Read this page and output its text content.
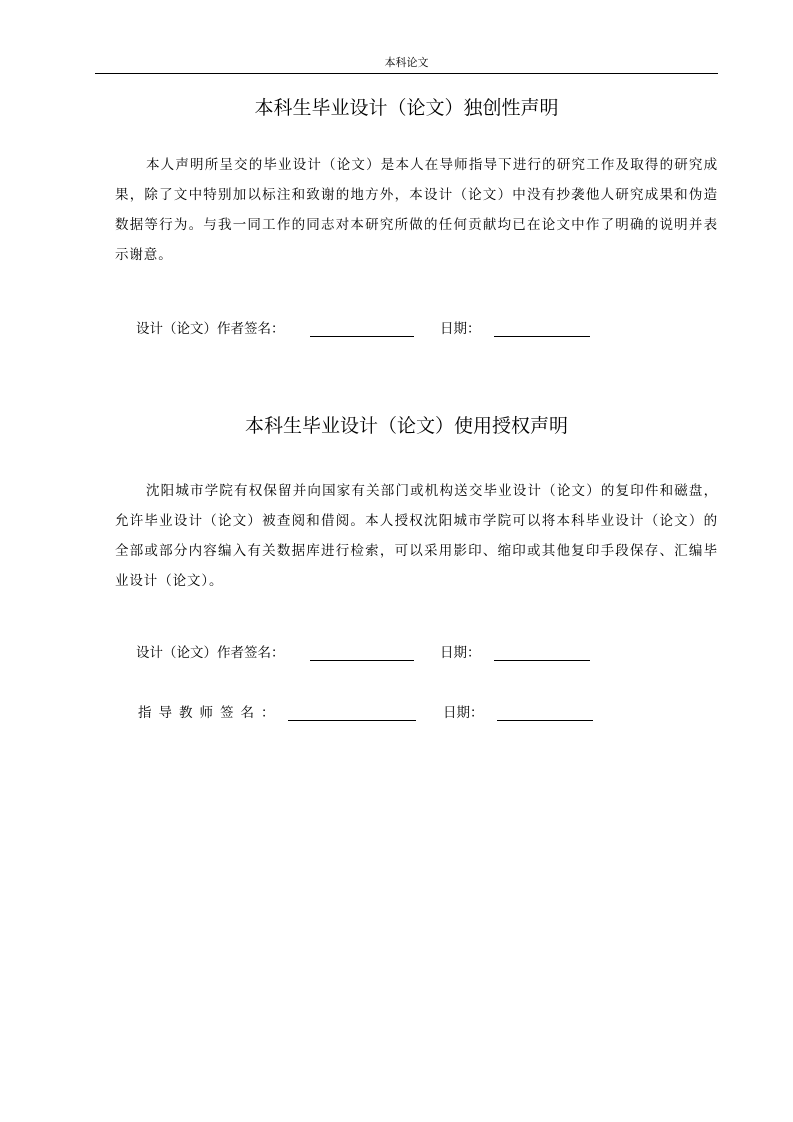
本科论文
本科生毕业设计（论文）独创性声明

本人声明所呈交的毕业设计（论文）是本人在导师指导下进行的研究工作及取得的研究成果，除了文中特别加以标注和致谢的地方外，本设计（论文）中没有抄袭他人研究成果和伪造数据等行为。与我一同工作的同志对本研究所做的任何贡献均已在论文中作了明确的说明并表示谢意。

设计（论文）作者签名：	日期：
本科生毕业设计（论文）使用授权声明

沈阳城市学院有权保留并向国家有关部门或机构送交毕业设计（论文）的复印件和磁盘，允许毕业设计（论文）被查阅和借阅。本人授权沈阳城市学院可以将本科毕业设计（论文）的全部或部分内容编入有关数据库进行检索，可以采用影印、缩印或其他复印手段保存、汇编毕业设计（论文）。

设计（论文）作者签名：	日期：
指导教师签名：	日期：
